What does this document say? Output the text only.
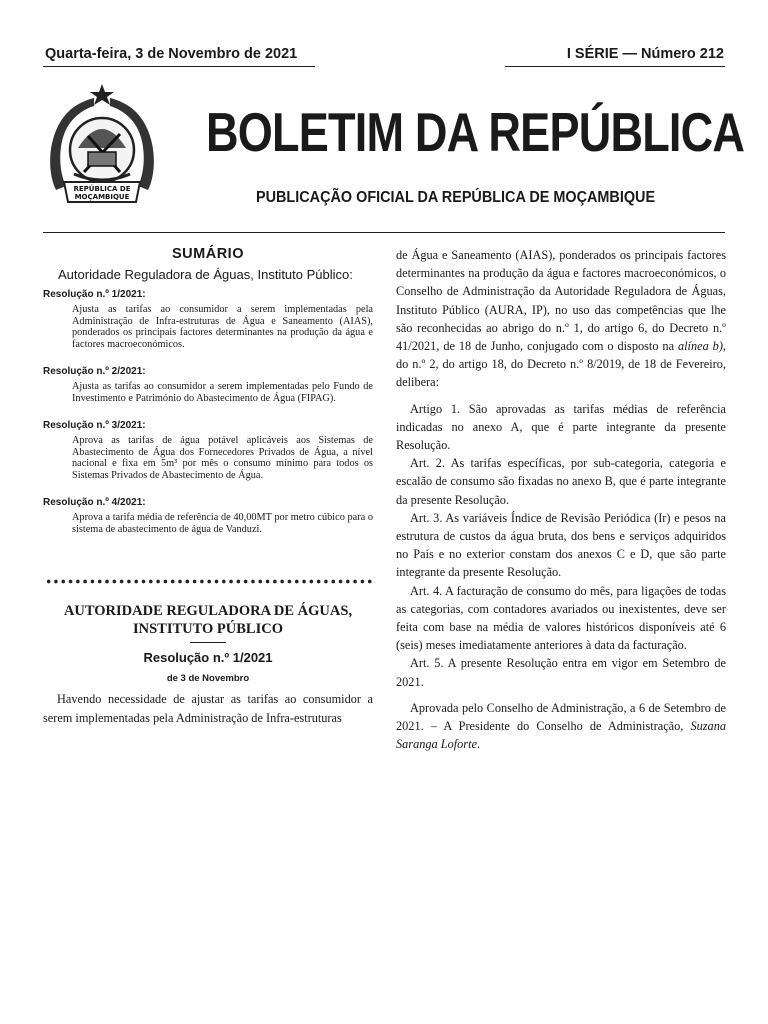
Quarta-feira, 3 de Novembro de 2021	I SÉRIE — Número 212
REPÚBLICA DE
MOÇAMBIQUE
BOLETIM DA REPÚBLICA
PUBLICAÇÃO OFICIAL DA REPÚBLICA DE MOÇAMBIQUE

SUMÁRIO

Autoridade Reguladora de Águas, Instituto Público:

Resolução n.º 1/2021:

Ajusta as tarifas ao consumidor a serem implementadas pela Administração de Infra-estruturas de Água e Saneamento (AIAS), ponderados os principais factores determinantes na produção da água e factores macroeconómicos.

Resolução n.º 2/2021:

Ajusta as tarifas ao consumidor a serem implementadas pelo Fundo de Investimento e Património do Abastecimento de Água (FIPAG).

Resolução n.º 3/2021:

Aprova as tarifas de água potável aplicáveis aos Sistemas de Abastecimento de Água dos Fornecedores Privados de Água, a nível nacional e fixa em 5m³ por mês o consumo mínimo para todos os Sistemas Privados de Abastecimento de Água.

Resolução n.º 4/2021:

Aprova a tarifa média de referência de 40,00MT por metro cúbico para o sistema de abastecimento de água de Vanduzi.

AUTORIDADE REGULADORA DE ÁGUAS,
INSTITUTO PÚBLICO
Resolução n.º 1/2021
de 3 de Novembro

Havendo necessidade de ajustar as tarifas ao consumidor a serem implementadas pela Administração de Infra-estruturas

de Água e Saneamento (AIAS), ponderados os principais factores determinantes na produção da água e factores macroeconómicos, o Conselho de Administração da Autoridade Reguladora de Águas, Instituto Público (AURA, IP), no uso das competências que lhe são reconhecidas ao abrigo do n.º 1, do artigo 6, do Decreto n.º 41/2021, de 18 de Junho, conjugado com o disposto na alínea b), do n.º 2, do artigo 18, do Decreto n.º 8/2019, de 18 de Fevereiro, delibera:

Artigo 1. São aprovadas as tarifas médias de referência indicadas no anexo A, que é parte integrante da presente Resolução.

Art. 2. As tarifas específicas, por sub-categoria, categoria e escalão de consumo são fixadas no anexo B, que é parte integrante da presente Resolução.

Art. 3. As variáveis Índice de Revisão Periódica (Ir) e pesos na estrutura de custos da água bruta, dos bens e serviços adquiridos no País e no exterior constam dos anexos C e D, que são parte integrante da presente Resolução.

Art. 4. A facturação de consumo do mês, para ligações de todas as categorias, com contadores avariados ou inexistentes, deve ser feita com base na média de valores históricos disponíveis até 6 (seis) meses imediatamente anteriores à data da facturação.

Art. 5. A presente Resolução entra em vigor em Setembro de 2021.

Aprovada pelo Conselho de Administração, a 6 de Setembro de 2021. – A Presidente do Conselho de Administração, Suzana Saranga Loforte.
